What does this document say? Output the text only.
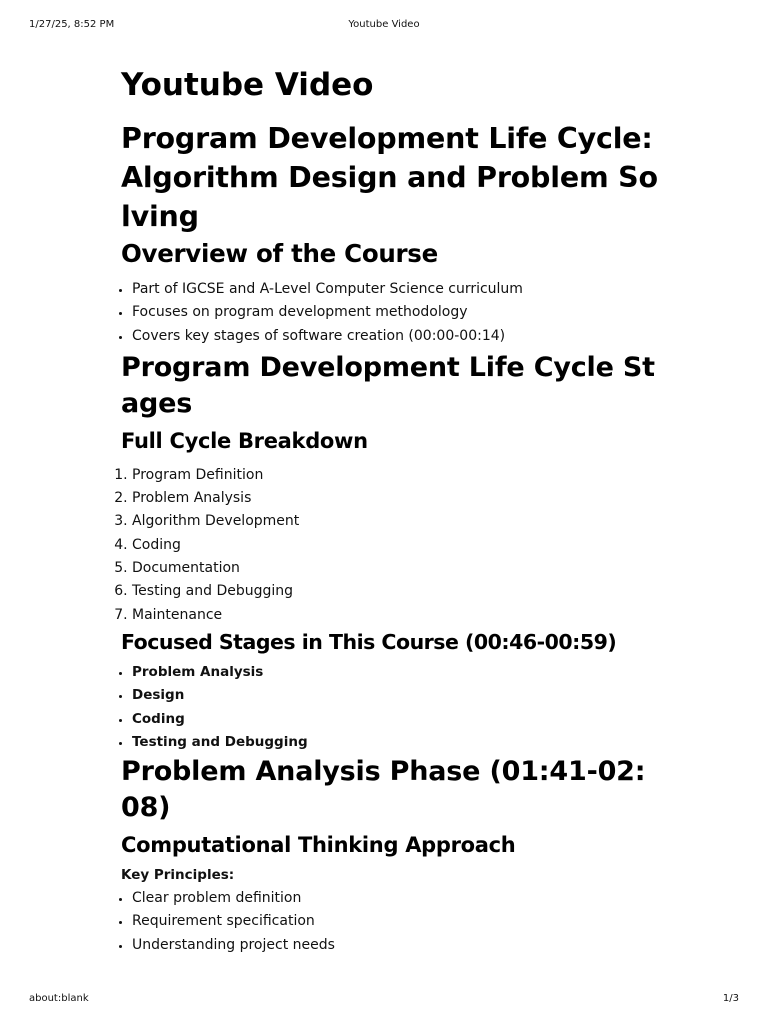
1/27/25, 8:52 PM	Youtube Video
Youtube Video
Program Development Life Cycle: Algorithm Design and Problem Solving
Overview of the Course
• Part of IGCSE and A-Level Computer Science curriculum
• Focuses on program development methodology
• Covers key stages of software creation (00:00-00:14)
Program Development Life Cycle Stages
Full Cycle Breakdown
1. Program Definition
2. Problem Analysis
3. Algorithm Development
4. Coding
5. Documentation
6. Testing and Debugging
7. Maintenance
Focused Stages in This Course (00:46-00:59)
• Problem Analysis
• Design
• Coding
• Testing and Debugging
Problem Analysis Phase (01:41-02:08)
Computational Thinking Approach

Key Principles:

• Clear problem definition
• Requirement specification
• Understanding project needs
about:blank	1/3
